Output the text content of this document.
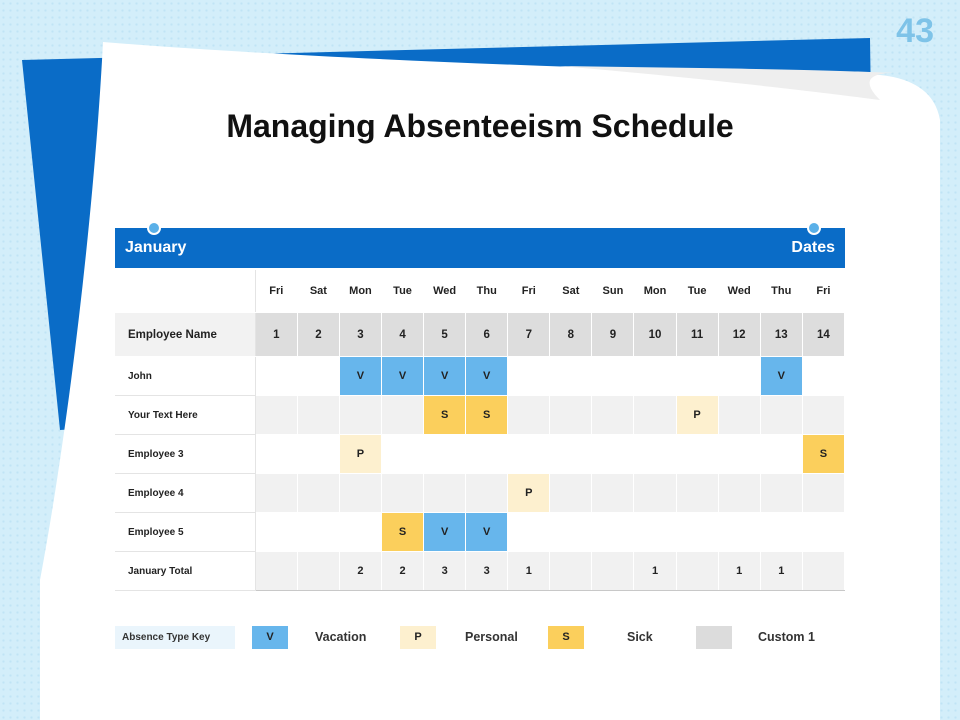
43
Managing Absenteeism Schedule
January	Dates
	Fri	Sat	Mon	Tue	Wed	Thu	Fri	Sat	Sun	Mon	Tue	Wed	Thu	Fri
Employee Name	1	2	3	4	5	6	7	8	9	10	11	12	13	14
John			V	V	V	V							V	
Your Text Here					S	S					P			
Employee 3			P											S
Employee 4							P							
Employee 5				S	V	V								
January Total			2	2	3	3	1			1		1	1	
Absence Type Key	V	Vacation	P	Personal	S	Sick	Custom 1
